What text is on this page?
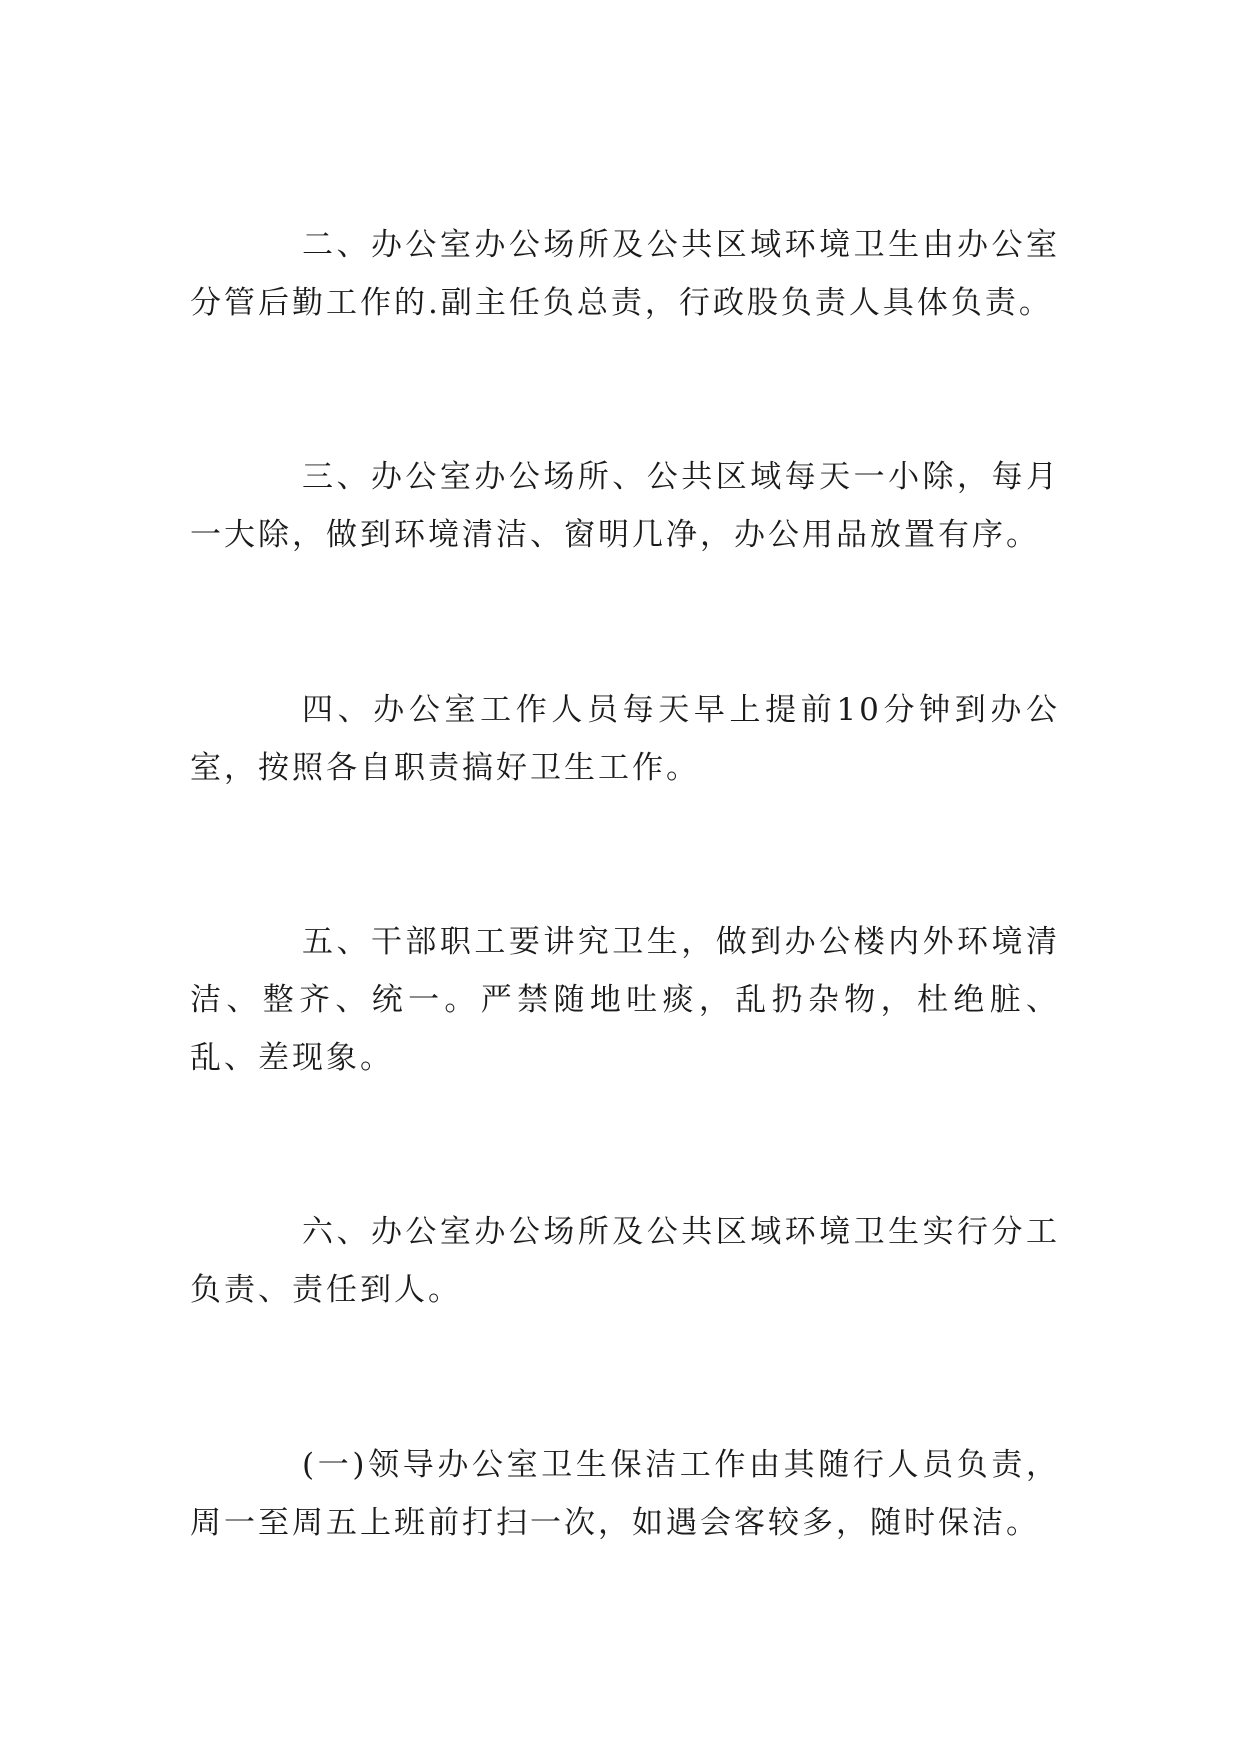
二、办公室办公场所及公共区域环境卫生由办公室分管后勤工作的.副主任负总责，行政股负责人具体负责。

三、办公室办公场所、公共区域每天一小除，每月一大除，做到环境清洁、窗明几净，办公用品放置有序。

四、办公室工作人员每天早上提前10分钟到办公室，按照各自职责搞好卫生工作。

五、干部职工要讲究卫生，做到办公楼内外环境清洁、整齐、统一。严禁随地吐痰，乱扔杂物，杜绝脏、乱、差现象。

六、办公室办公场所及公共区域环境卫生实行分工负责、责任到人。

(一)领导办公室卫生保洁工作由其随行人员负责，周一至周五上班前打扫一次，如遇会客较多，随时保洁。
